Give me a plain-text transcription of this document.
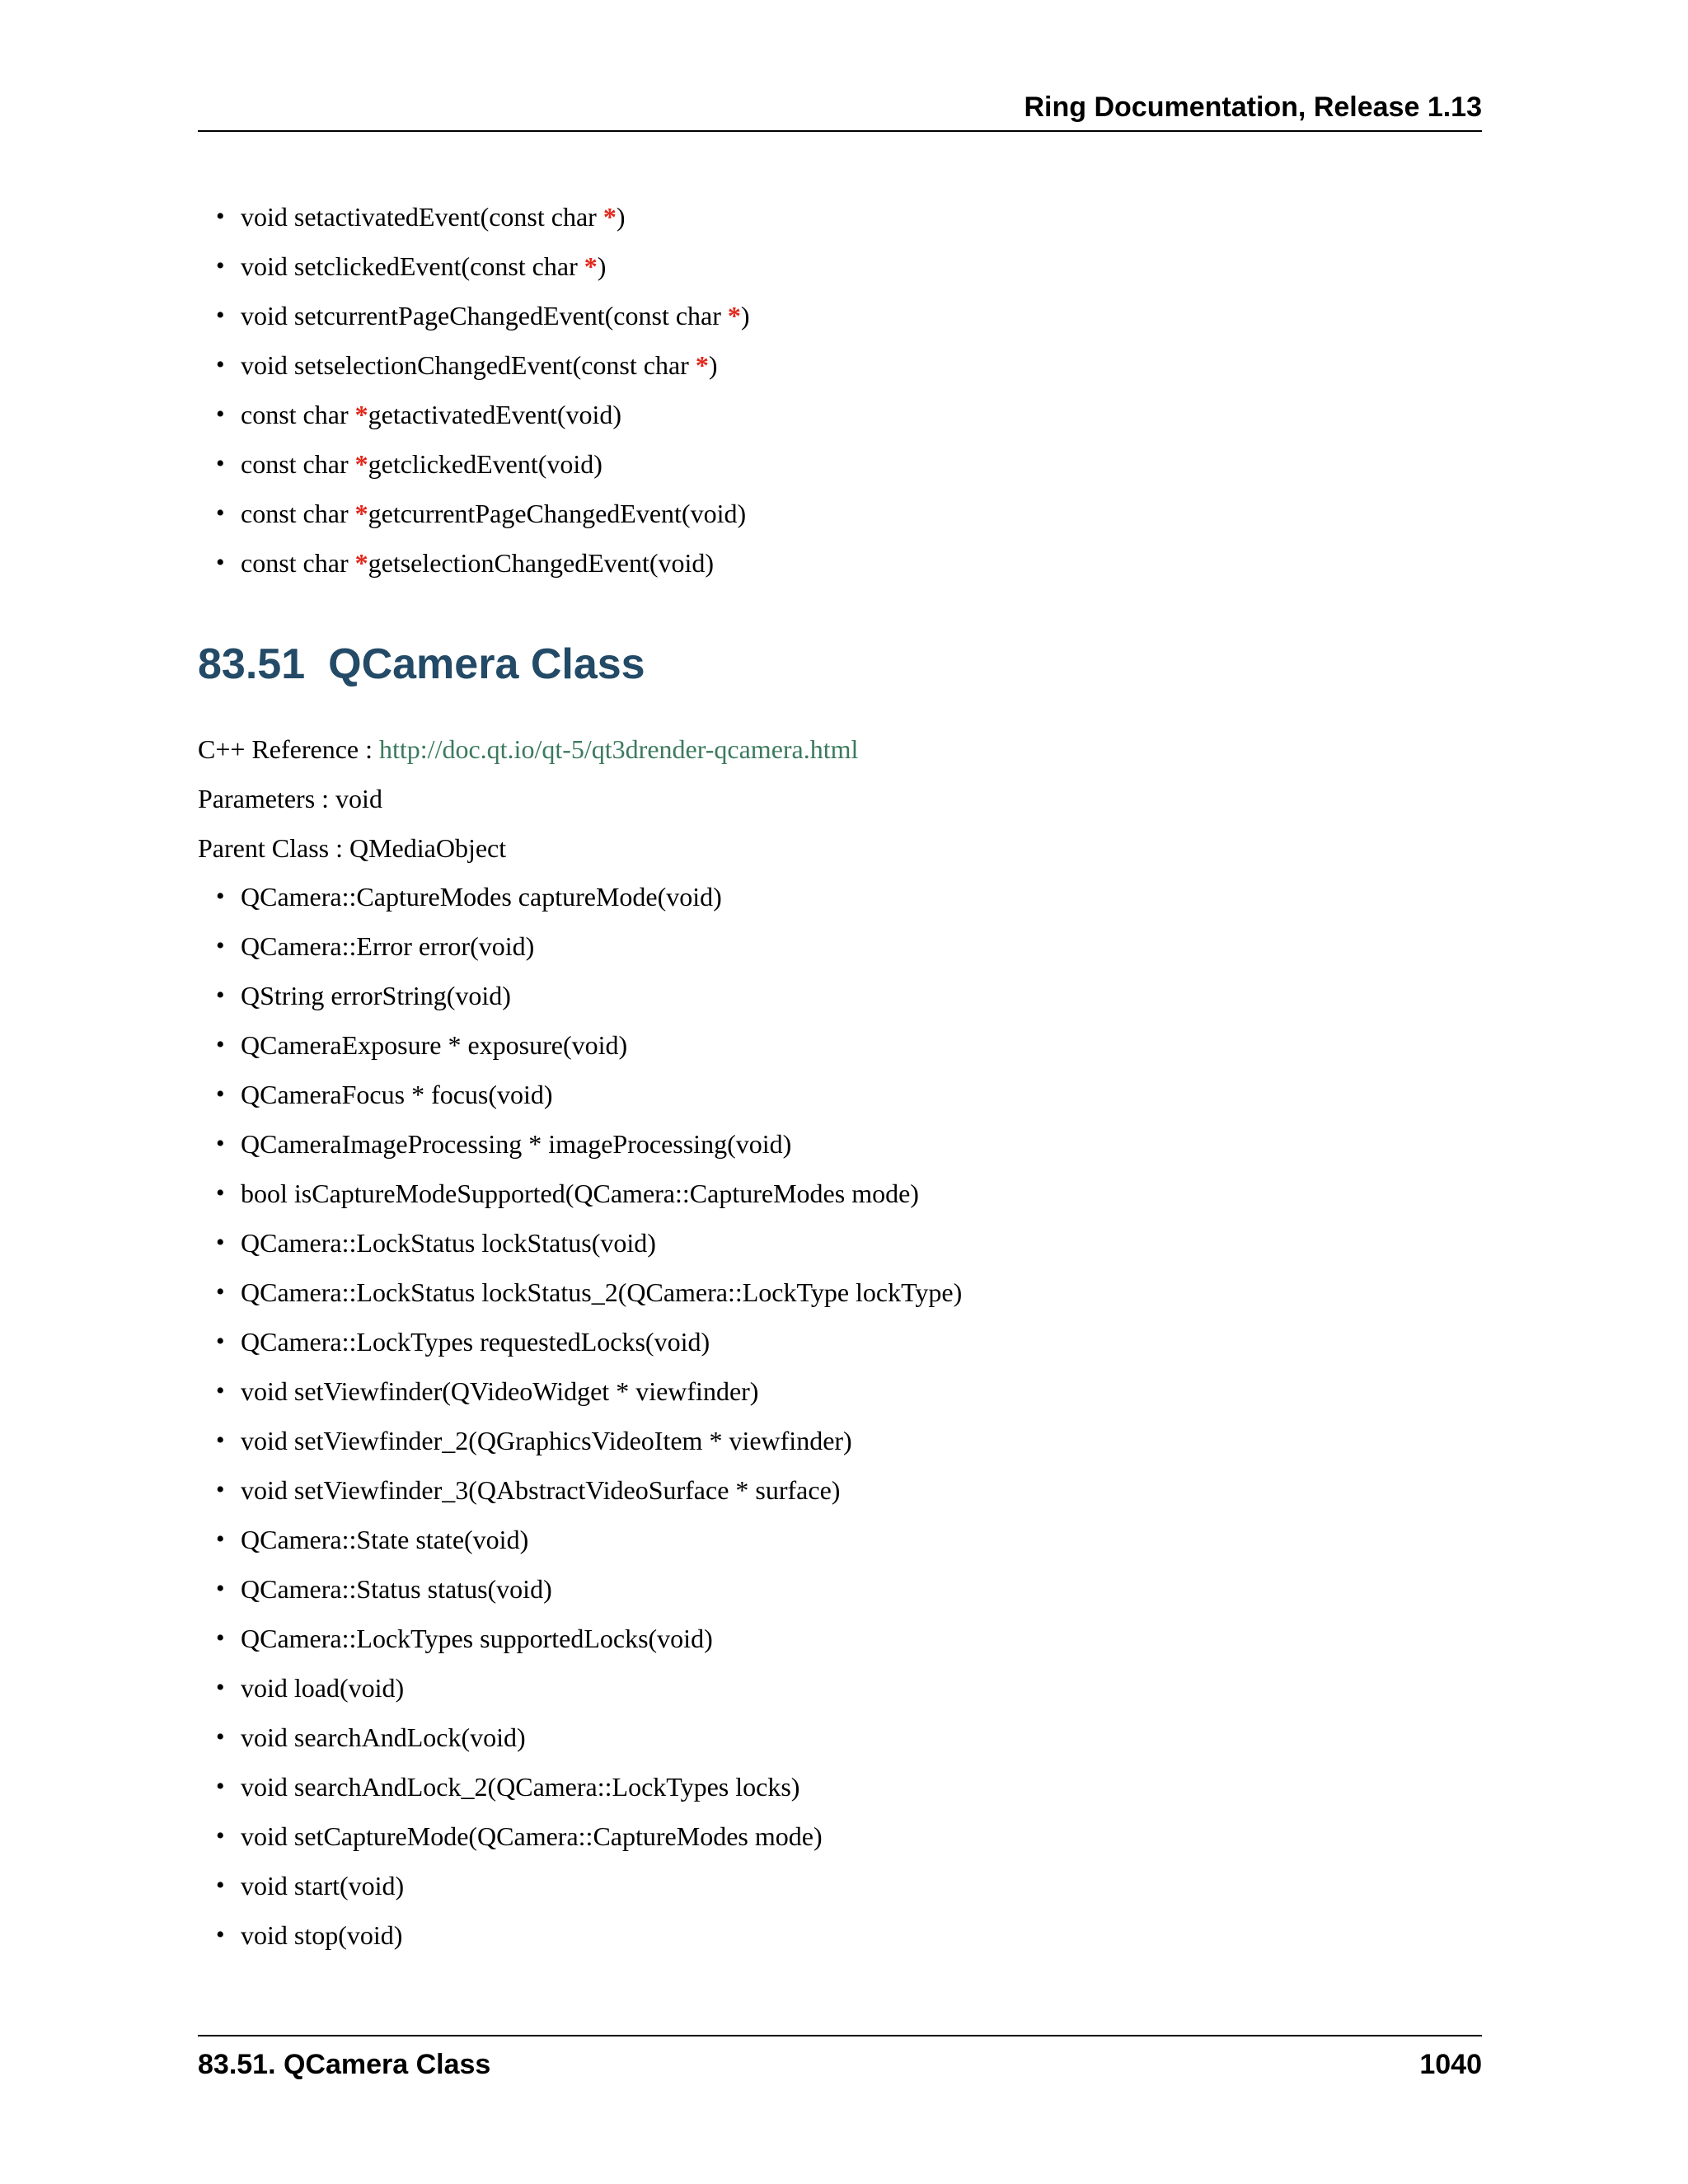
Ring Documentation, Release 1.13
• void setactivatedEvent(const char *)
• void setclickedEvent(const char *)
• void setcurrentPageChangedEvent(const char *)
• void setselectionChangedEvent(const char *)
• const char *getactivatedEvent(void)
• const char *getclickedEvent(void)
• const char *getcurrentPageChangedEvent(void)
• const char *getselectionChangedEvent(void)
83.51 QCamera Class
C++ Reference : http://doc.qt.io/qt-5/qt3drender-qcamera.html
Parameters : void
Parent Class : QMediaObject
• QCamera::CaptureModes captureMode(void)
• QCamera::Error error(void)
• QString errorString(void)
• QCameraExposure * exposure(void)
• QCameraFocus * focus(void)
• QCameraImageProcessing * imageProcessing(void)
• bool isCaptureModeSupported(QCamera::CaptureModes mode)
• QCamera::LockStatus lockStatus(void)
• QCamera::LockStatus lockStatus_2(QCamera::LockType lockType)
• QCamera::LockTypes requestedLocks(void)
• void setViewfinder(QVideoWidget * viewfinder)
• void setViewfinder_2(QGraphicsVideoItem * viewfinder)
• void setViewfinder_3(QAbstractVideoSurface * surface)
• QCamera::State state(void)
• QCamera::Status status(void)
• QCamera::LockTypes supportedLocks(void)
• void load(void)
• void searchAndLock(void)
• void searchAndLock_2(QCamera::LockTypes locks)
• void setCaptureMode(QCamera::CaptureModes mode)
• void start(void)
• void stop(void)
83.51. QCamera Class	1040
